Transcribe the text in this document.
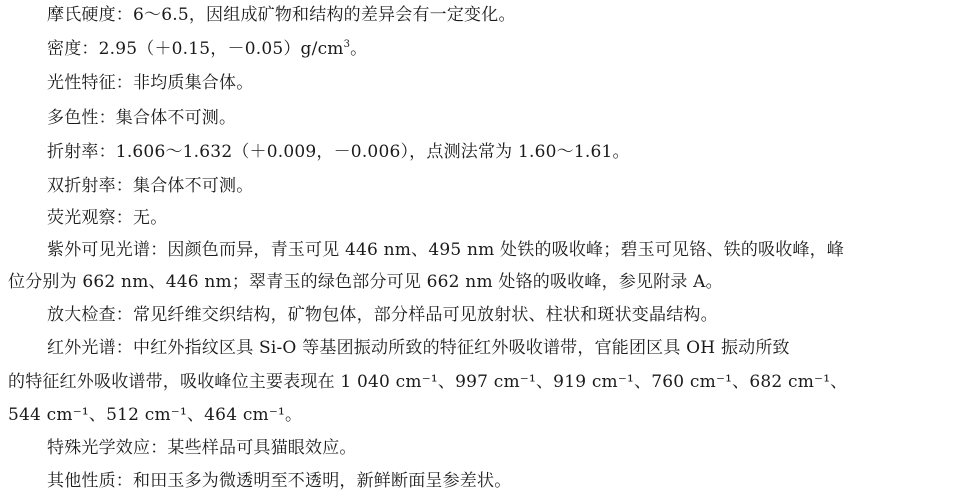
摩氏硬度：6～6.5，因组成矿物和结构的差异会有一定变化。
密度：2.95（＋0.15，$-0.05)g/cm^3$。
光性特征：非均质集合体。
多色性：集合体不可测。
折射率：1.606～1.632（＋0.009，－0.006），点测法常为 1.60～1.61。
双折射率：集合体不可测。
荧光观察：无。
紫外可见光谱：因颜色而异，青玉可见 446 nm、495 nm 处铁的吸收峰；碧玉可见铬、铁的吸收峰，峰
位分别为 662 nm、446 nm；翠青玉的绿色部分可见 662 nm 处铬的吸收峰，参见附录 A。
放大检查：常见纤维交织结构，矿物包体，部分样品可见放射状、柱状和斑状变晶结构。
红外光谱：中红外指纹区具 Si-O 等基团振动所致的特征红外吸收谱带，官能团区具 OH 振动所致
的特征红外吸收谱带，吸收峰位主要表现在 1 040 cm⁻¹、997 cm⁻¹、919 cm⁻¹、760 cm⁻¹、682 cm⁻¹、
544 cm⁻¹、512 cm⁻¹、464 cm⁻¹。
特殊光学效应：某些样品可具猫眼效应。
其他性质：和田玉多为微透明至不透明，新鲜断面呈参差状。
